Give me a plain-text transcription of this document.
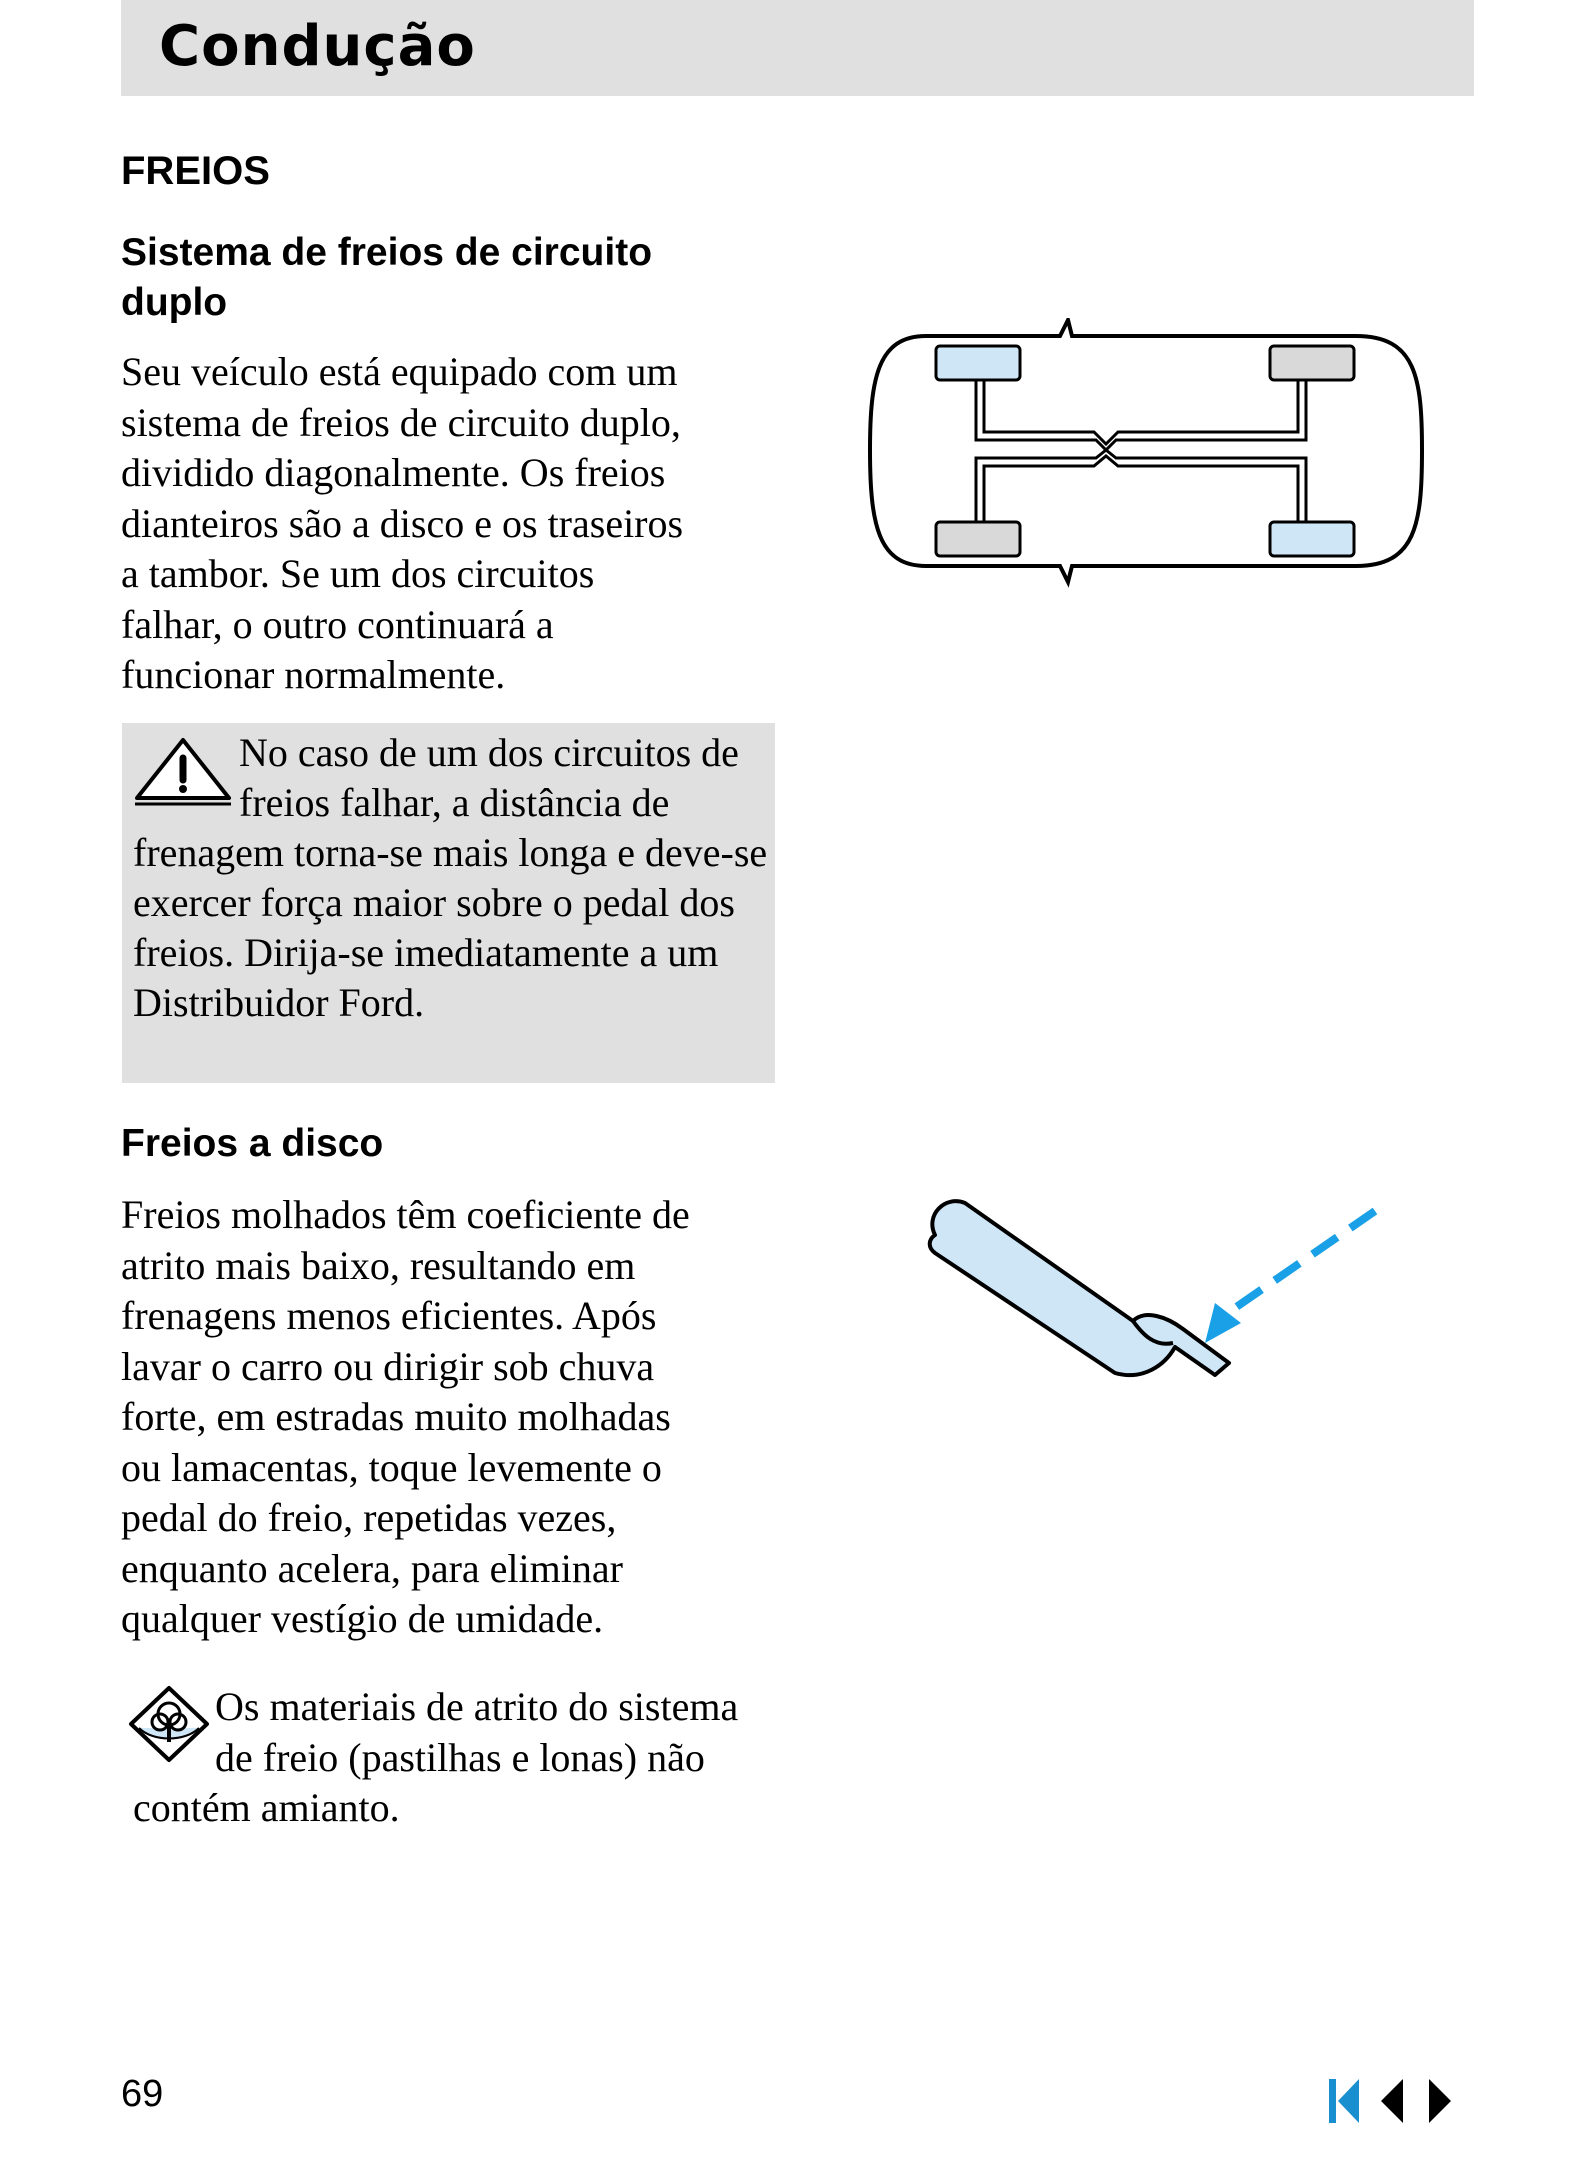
Condução
FREIOS
Sistema de freios de circuito
duplo

Seu veículo está equipado com um
sistema de freios de circuito duplo,
dividido diagonalmente. Os freios
dianteiros são a disco e os traseiros
a tambor. Se um dos circuitos
falhar, o outro continuará a
funcionar normalmente.

No caso de um dos circuitos de freios falhar, a distância de frenagem torna-se mais longa e deve-se exercer força maior sobre o pedal dos freios. Dirija-se imediatamente a um Distribuidor Ford.

Freios a disco

Freios molhados têm coeficiente de
atrito mais baixo, resultando em
frenagens menos eficientes. Após
lavar o carro ou dirigir sob chuva
forte, em estradas muito molhadas
ou lamacentas, toque levemente o
pedal do freio, repetidas vezes,
enquanto acelera, para eliminar
qualquer vestígio de umidade.

Os materiais de atrito do sistema de freio (pastilhas e lonas) não contém amianto.

69
